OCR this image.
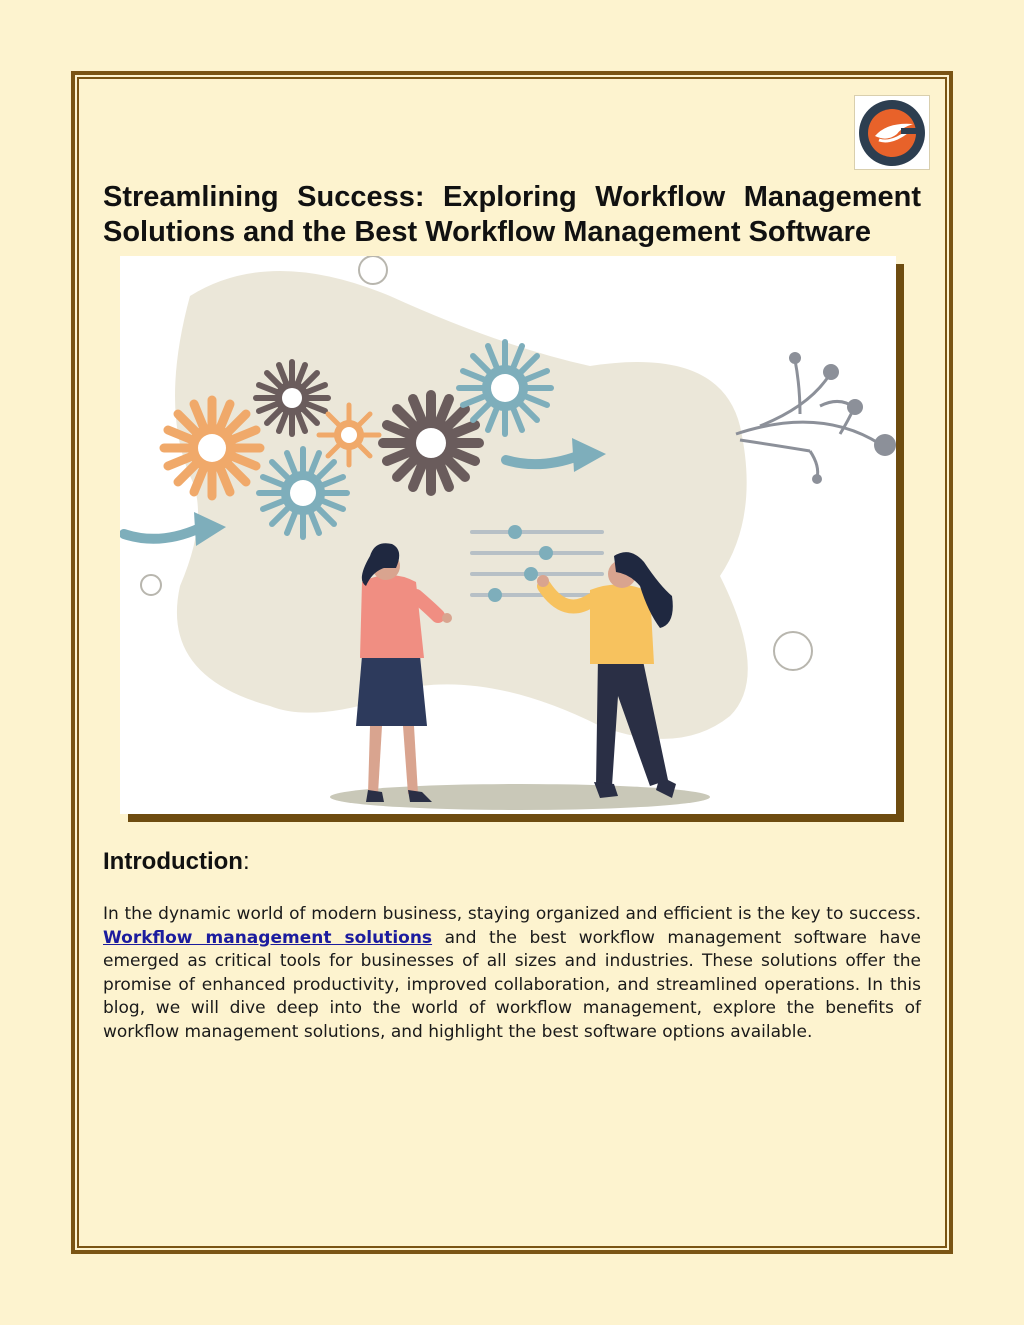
Streamlining Success: Exploring Workflow Management
Solutions and the Best Workflow Management Software
Introduction:

In the dynamic world of modern business, staying organized and efficient is the key to success. Workflow management solutions and the best workflow management software have emerged as critical tools for businesses of all sizes and industries. These solutions offer the promise of enhanced productivity, improved collaboration, and streamlined operations. In this blog, we will dive deep into the world of workflow management, explore the benefits of workflow management solutions, and highlight the best software options available.
